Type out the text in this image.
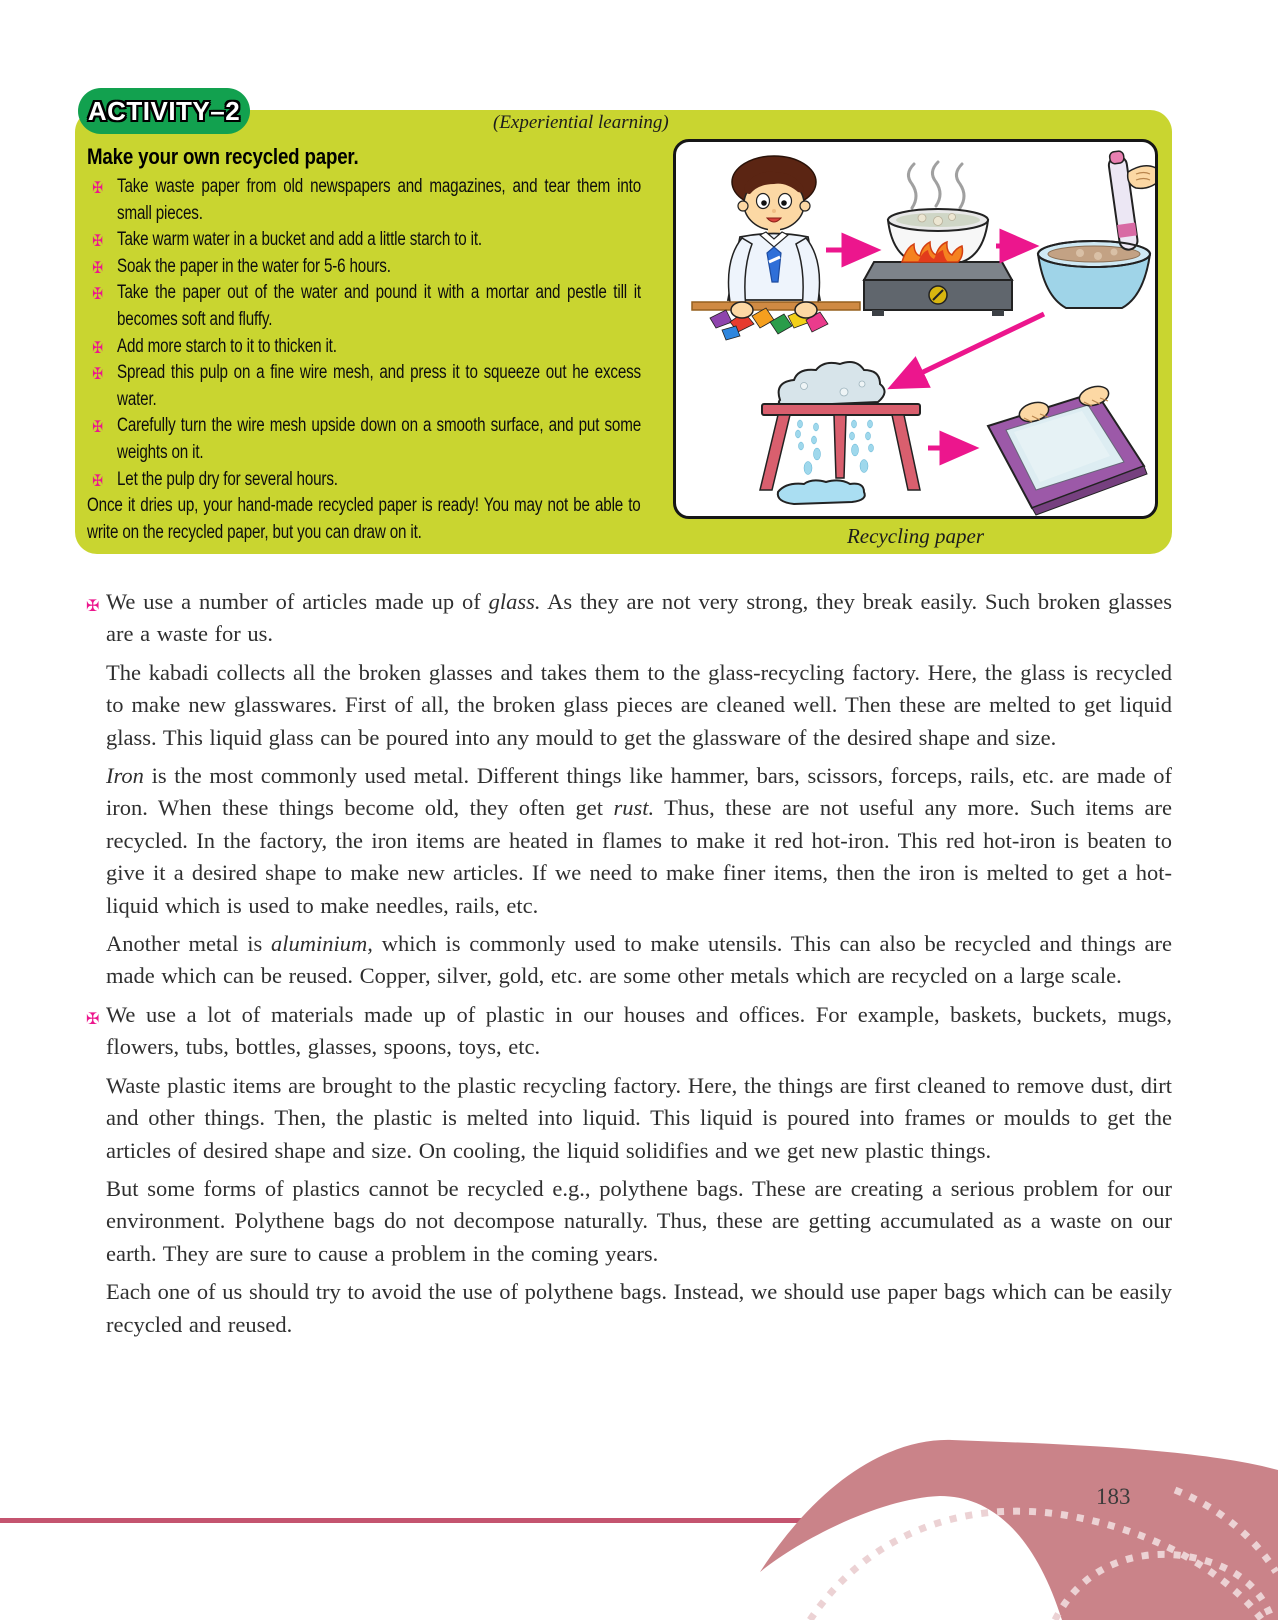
(Experiential learning)
Make your own recycled paper.
✠ Take waste paper from old newspapers and magazines, and tear them into small pieces.
✠ Take warm water in a bucket and add a little starch to it.
✠ Soak the paper in the water for 5-6 hours.
✠ Take the paper out of the water and pound it with a mortar and pestle till it becomes soft and fluffy.
✠ Add more starch to it to thicken it.
✠ Spread this pulp on a fine wire mesh, and press it to squeeze out he excess water.
✠ Carefully turn the wire mesh upside down on a smooth surface, and put some weights on it.
✠ Let the pulp dry for several hours.
Once it dries up, your hand-made recycled paper is ready! You may not be able to write on the recycled paper, but you can draw on it.
ACTIVITY–2
Recycling paper

✠ We use a number of articles made up of glass. As they are not very strong, they break easily. Such broken glasses are a waste for us.

The kabadi collects all the broken glasses and takes them to the glass-recycling factory. Here, the glass is recycled to make new glasswares. First of all, the broken glass pieces are cleaned well. Then these are melted to get liquid glass. This liquid glass can be poured into any mould to get the glassware of the desired shape and size.

Iron is the most commonly used metal. Different things like hammer, bars, scissors, forceps, rails, etc. are made of iron. When these things become old, they often get rust. Thus, these are not useful any more. Such items are recycled. In the factory, the iron items are heated in flames to make it red hot-iron. This red hot-iron is beaten to give it a desired shape to make new articles. If we need to make finer items, then the iron is melted to get a hot-liquid which is used to make needles, rails, etc.

Another metal is aluminium, which is commonly used to make utensils. This can also be recycled and things are made which can be reused. Copper, silver, gold, etc. are some other metals which are recycled on a large scale.

✠ We use a lot of materials made up of plastic in our houses and offices. For example, baskets, buckets, mugs, flowers, tubs, bottles, glasses, spoons, toys, etc.

Waste plastic items are brought to the plastic recycling factory. Here, the things are first cleaned to remove dust, dirt and other things. Then, the plastic is melted into liquid. This liquid is poured into frames or moulds to get the articles of desired shape and size. On cooling, the liquid solidifies and we get new plastic things.

But some forms of plastics cannot be recycled e.g., polythene bags. These are creating a serious problem for our environment. Polythene bags do not decompose naturally. Thus, these are getting accumulated as a waste on our earth. They are sure to cause a problem in the coming years.

Each one of us should try to avoid the use of polythene bags. Instead, we should use paper bags which can be easily recycled and reused.

183
